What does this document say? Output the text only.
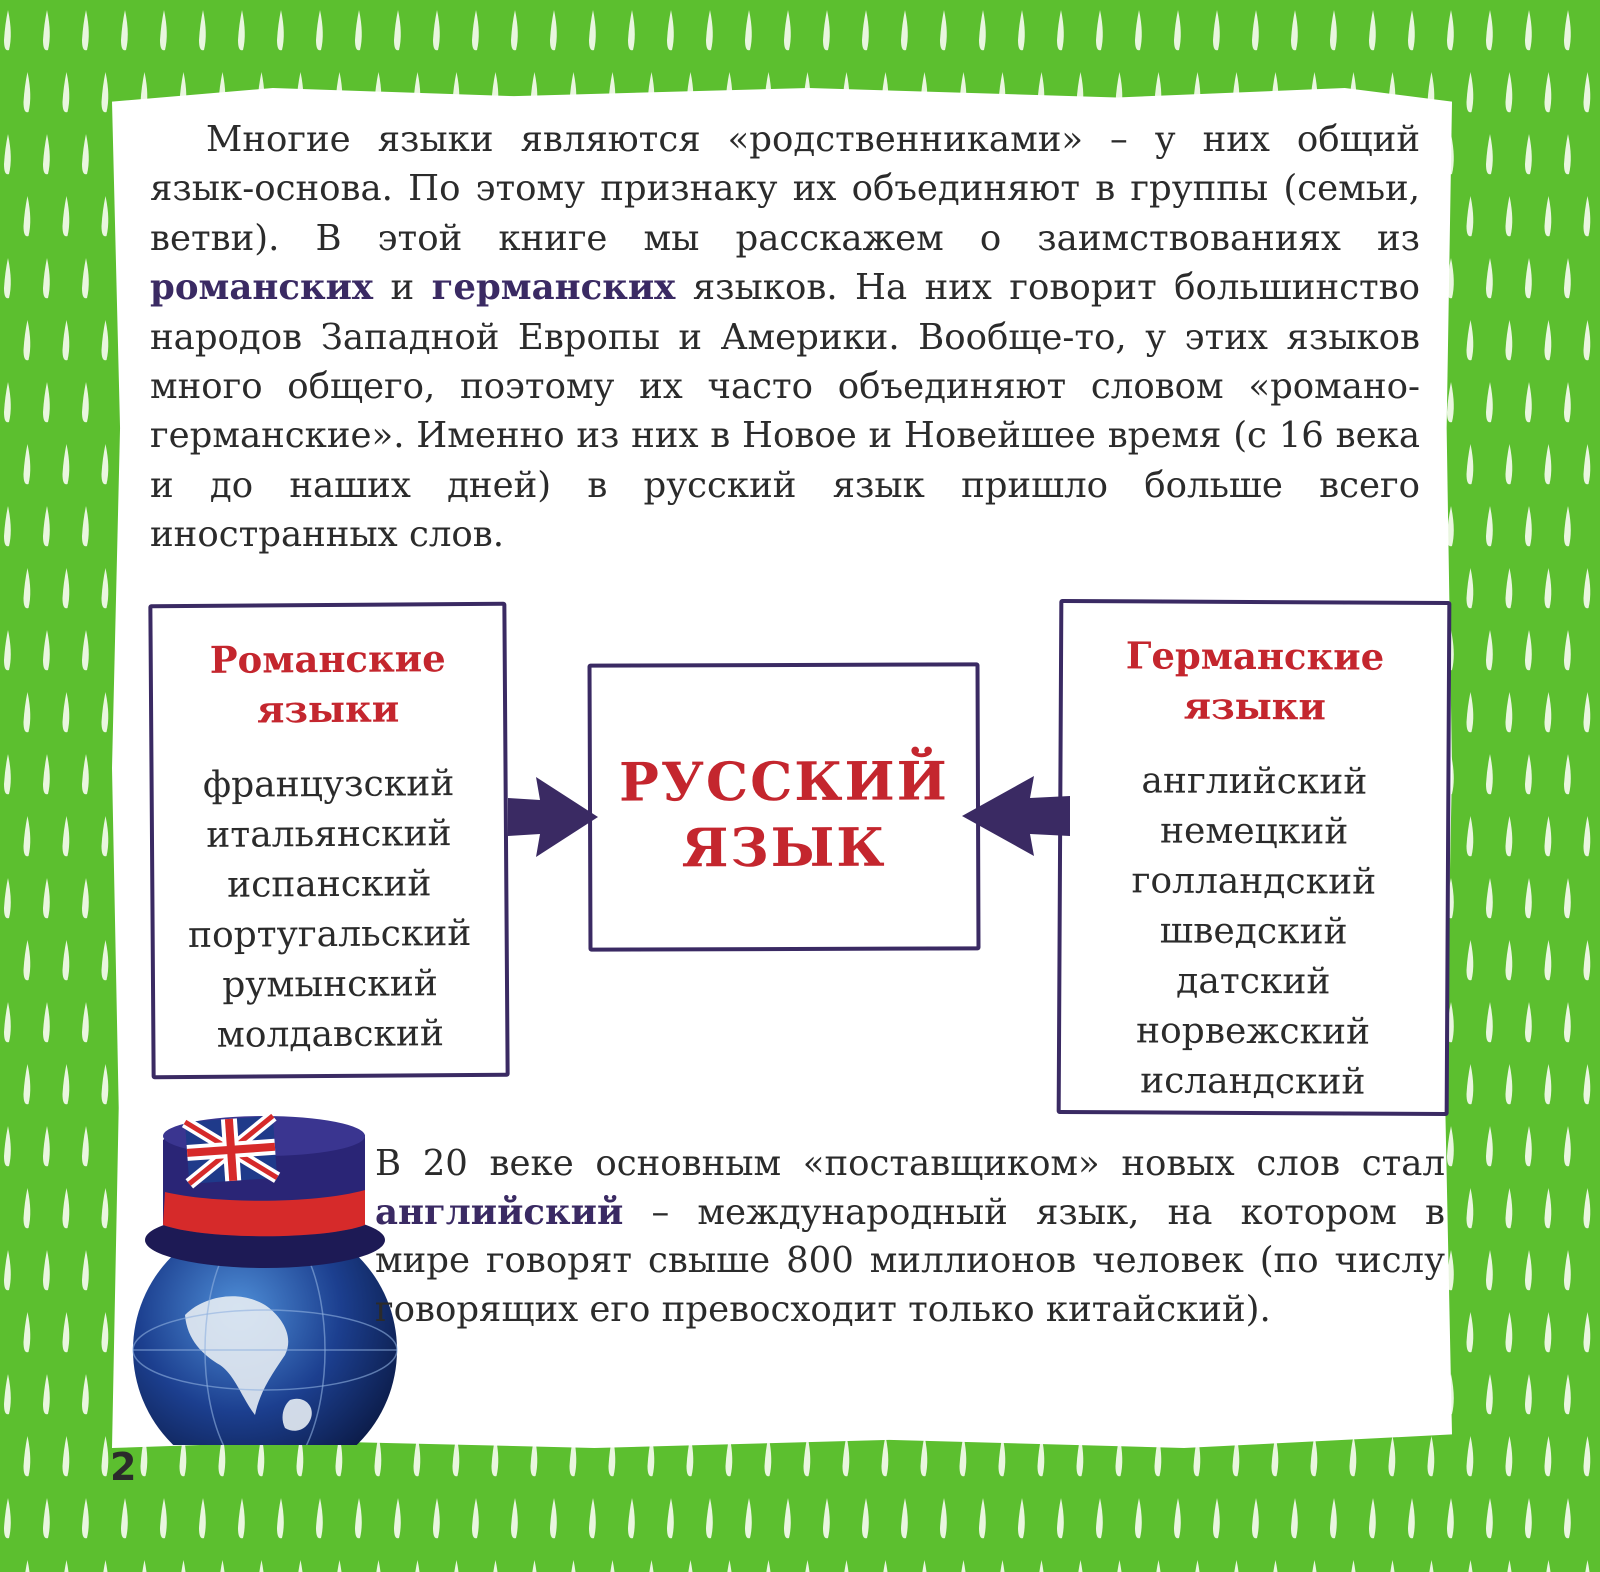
Многие языки являются «родственниками» – у них общий язык-основа. По этому признаку их объединяют в группы (семьи, ветви). В этой книге мы расскажем о заимствованиях из романских и германских языков. На них говорит большинство народов Западной Европы и Америки. Вообще-то, у этих языков много общего, поэтому их часто объединяют словом «романо-германские». Именно из них в Новое и Новейшее время (с 16 века и до наших дней) в русский язык пришло больше всего иностранных слов.
Романские
языки
французский
итальянский
испанский
португальский
румынский
молдавский
РУССКИЙ
ЯЗЫК
Германские
языки
английский
немецкий
голландский
шведский
датский
норвежский
исландский
В 20 веке основным «поставщиком» новых слов стал английский – международный язык, на котором в мире говорят свыше 800 миллионов человек (по числу говорящих его превосходит только китайский).
2
